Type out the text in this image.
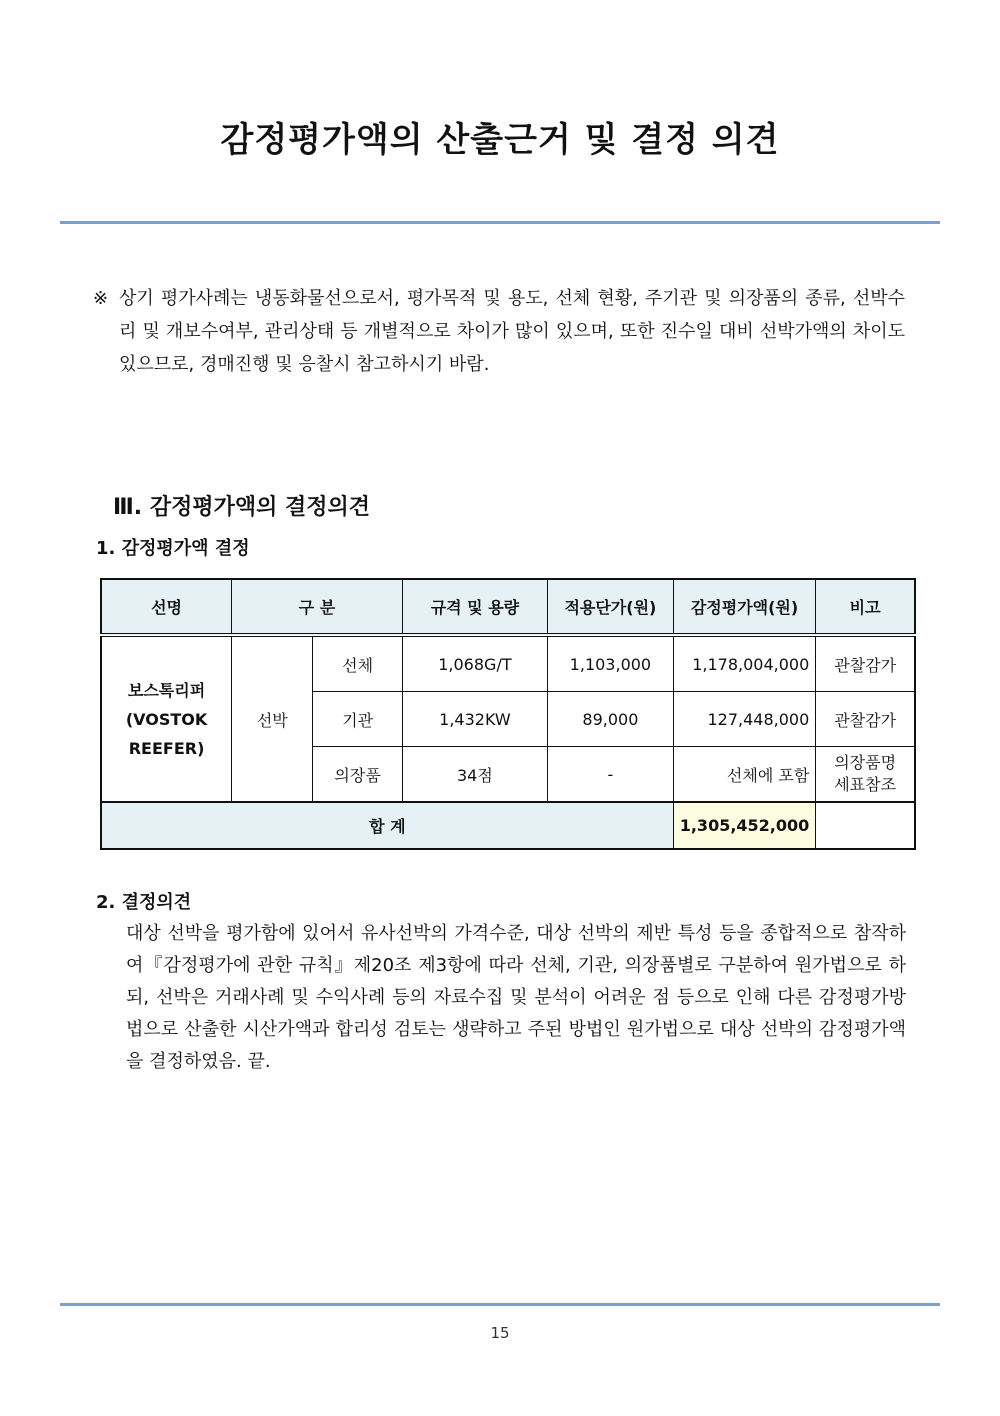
감정평가액의 산출근거 및 결정 의견
※ 상기 평가사례는 냉동화물선으로서, 평가목적 및 용도, 선체 현황, 주기관 및 의장품의 종류, 선박수리 및 개보수여부, 관리상태 등 개별적으로 차이가 많이 있으며, 또한 진수일 대비 선박가액의 차이도 있으므로, 경매진행 및 응찰시 참고하시기 바람.
Ⅲ. 감정평가액의 결정의견
1. 감정평가액 결정
선명	구 분		규격 및 용량	적용단가(원)	감정평가액(원)	비고

보스톡리퍼
(VOSTOK
REEFER)	선박	선체	1,068G/T	1,103,000	1,178,004,000	관찰감가
		기관	1,432KW	89,000	127,448,000	관찰감가
		의장품	34점	-	선체에 포함	의장품명
세표참조

합 계					1,305,452,000	
2. 결정의견
대상 선박을 평가함에 있어서 유사선박의 가격수준, 대상 선박의 제반 특성 등을 종합적으로 참작하여『감정평가에 관한 규칙』제20조 제3항에 따라 선체, 기관, 의장품별로 구분하여 원가법으로 하되, 선박은 거래사례 및 수익사례 등의 자료수집 및 분석이 어려운 점 등으로 인해 다른 감정평가방법으로 산출한 시산가액과 합리성 검토는 생략하고 주된 방법인 원가법으로 대상 선박의 감정평가액을 결정하였음. 끝.
15
